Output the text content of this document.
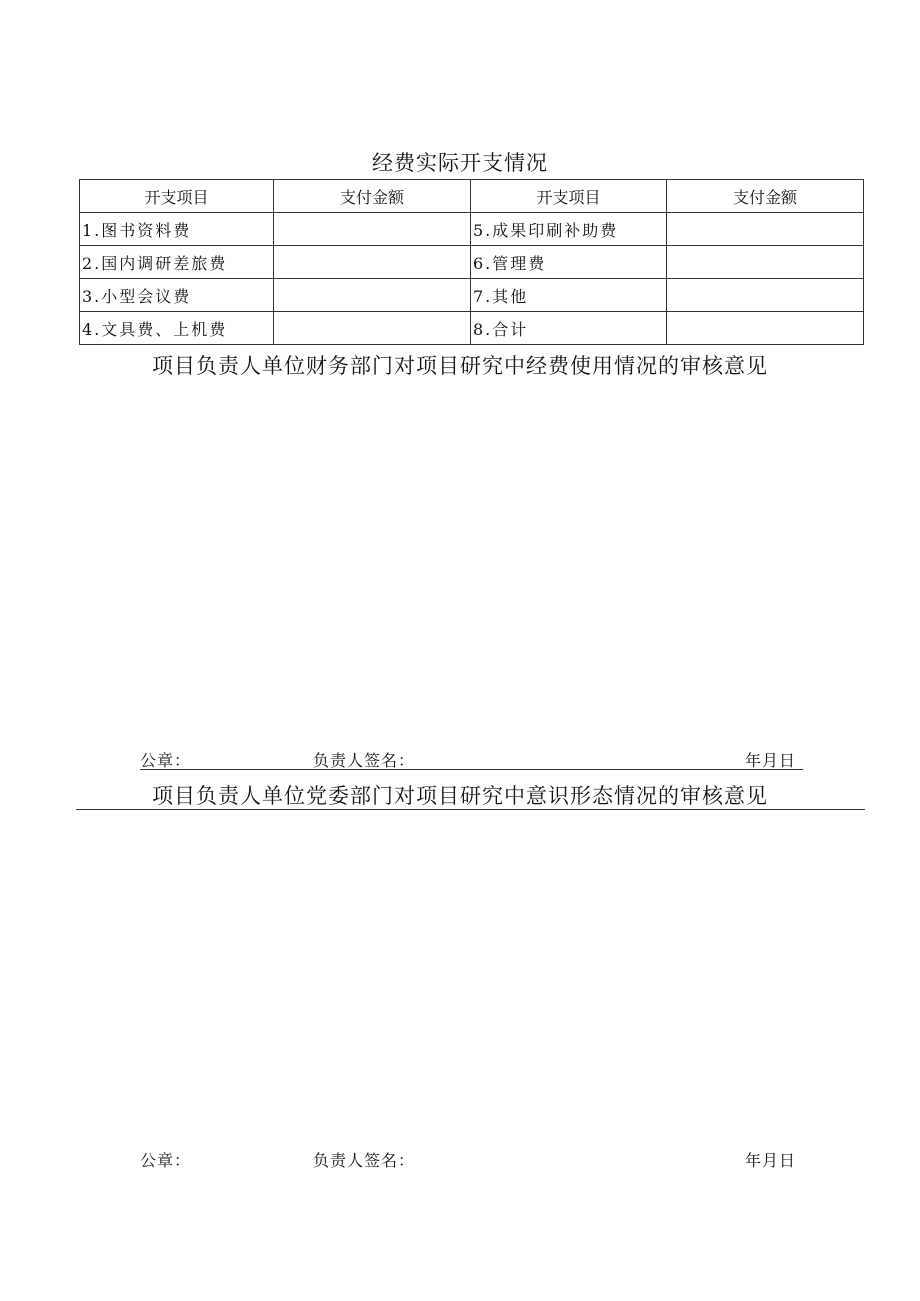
经费实际开支情况
开支项目	支付金额	开支项目	支付金额
1.图书资料费		5.成果印刷补助费	
2.国内调研差旅费		6.管理费	
3.小型会议费		7.其他	
4.文具费、上机费		8.合计	
项目负责人单位财务部门对项目研究中经费使用情况的审核意见
公章：	负责人签名：	年月日
项目负责人单位党委部门对项目研究中意识形态情况的审核意见
公章：	负责人签名：	年月日
